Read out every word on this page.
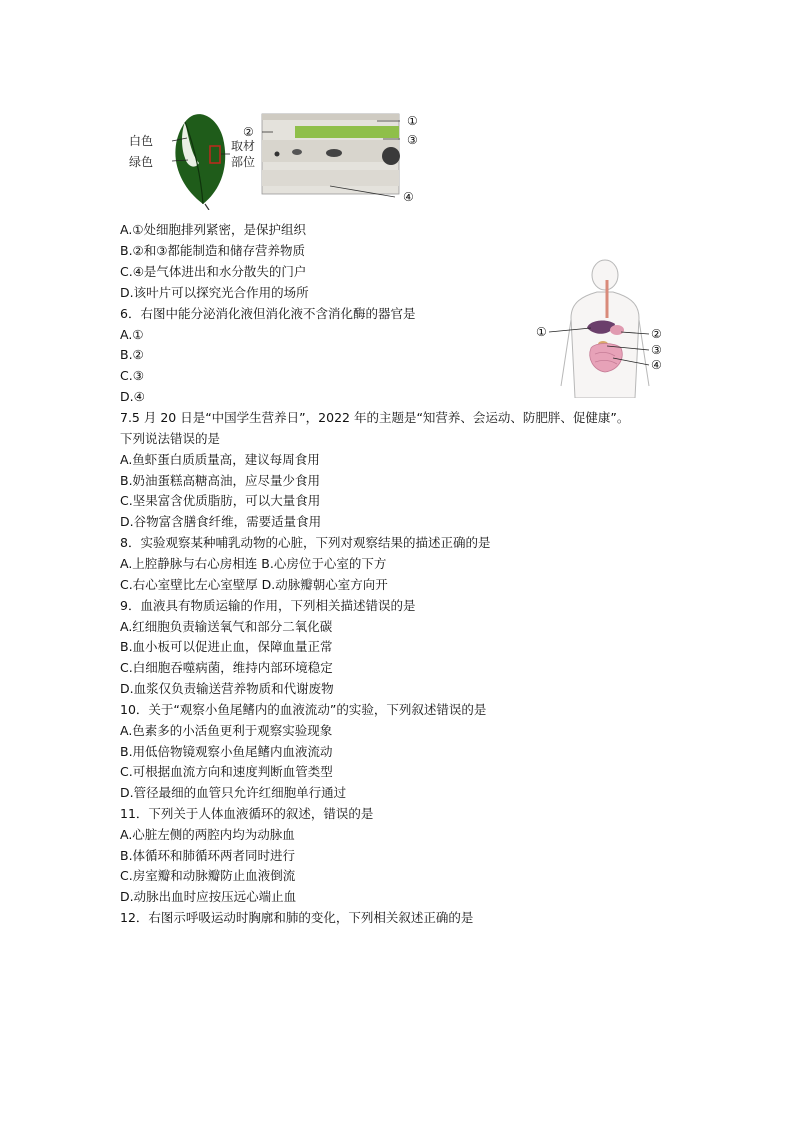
白色
绿色
取材
部位
①
②
③
④
①	②
③
④
A.①处细胞排列紧密，是保护组织
B.②和③都能制造和储存营养物质
C.④是气体进出和水分散失的门户
D.该叶片可以探究光合作用的场所
6．右图中能分泌消化液但消化液不含消化酶的器官是
A.①
B.②
C.③
D.④
7.5 月 20 日是“中国学生营养日”，2022 年的主题是“知营养、会运动、防肥胖、促健康”。
下列说法错误的是
A.鱼虾蛋白质质量高，建议每周食用
B.奶油蛋糕高糖高油，应尽量少食用
C.坚果富含优质脂肪，可以大量食用
D.谷物富含膳食纤维，需要适量食用
8．实验观察某种哺乳动物的心脏，下列对观察结果的描述正确的是
A.上腔静脉与右心房相连 B.心房位于心室的下方
C.右心室壁比左心室壁厚 D.动脉瓣朝心室方向开
9．血液具有物质运输的作用，下列相关描述错误的是
A.红细胞负责输送氧气和部分二氧化碳
B.血小板可以促进止血，保障血量正常
C.白细胞吞噬病菌，维持内部环境稳定
D.血浆仅负责输送营养物质和代谢废物
10．关于“观察小鱼尾鳍内的血液流动”的实验，下列叙述错误的是
A.色素多的小活鱼更利于观察实验现象
B.用低倍物镜观察小鱼尾鳍内血液流动
C.可根据血流方向和速度判断血管类型
D.管径最细的血管只允许红细胞单行通过
11．下列关于人体血液循环的叙述，错误的是
A.心脏左侧的两腔内均为动脉血
B.体循环和肺循环两者同时进行
C.房室瓣和动脉瓣防止血液倒流
D.动脉出血时应按压远心端止血
12．右图示呼吸运动时胸廓和肺的变化，下列相关叙述正确的是
